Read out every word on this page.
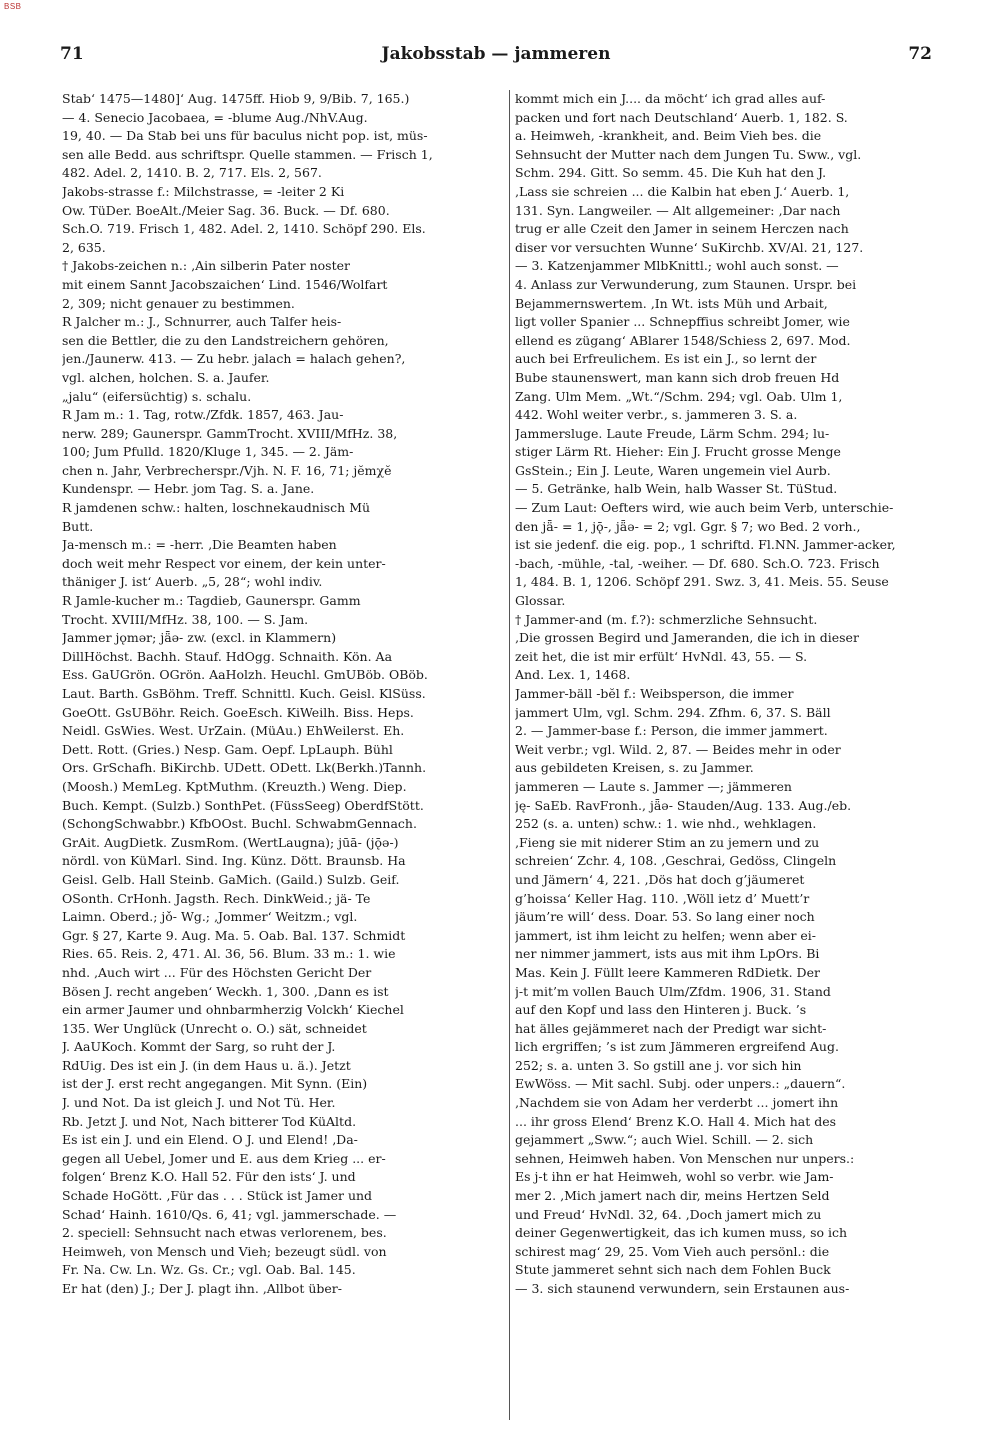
BSB
71	Jakobsstab — jammeren	72

Stab‘ 1475—1480]‘ Aug. 1475ff. Hiob 9, 9/Bib. 7, 165.)

— 4. Senecio Jacobaea, = -blume Aug./NhV.Aug.

19, 40. — Da Stab bei uns für baculus nicht pop. ist, müs-

sen alle Bedd. aus schriftspr. Quelle stammen. — Frisch 1,

482. Adel. 2, 1410. B. 2, 717. Els. 2, 567.

Jakobs-strasse f.: Milchstrasse, = -leiter 2 Ki

Ow. TüDer. BoeAlt./Meier Sag. 36. Buck. — Df. 680.

Sch.O. 719. Frisch 1, 482. Adel. 2, 1410. Schöpf 290. Els.

2, 635.

† Jakobs-zeichen n.: ‚Ain silberin Pater noster

mit einem Sannt Jacobszaichen‘ Lind. 1546/Wolfart

2, 309; nicht genauer zu bestimmen.

R Jalcher m.: J., Schnurrer, auch Talfer heis-

sen die Bettler, die zu den Landstreichern gehören,

jen./Jaunerw. 413. — Zu hebr. jalach = halach gehen?,

vgl. alchen, holchen. S. a. Jaufer.

„jalu“ (eifersüchtig) s. schalu.

R Jam m.: 1. Tag, rotw./Zfdk. 1857, 463. Jau-

nerw. 289; Gaunerspr. GammTrocht. XVIII/MfHz. 38,

100; Jum Pfulld. 1820/Kluge 1, 345. — 2. Jäm-

chen n. Jahr, Verbrecherspr./Vjh. N. F. 16, 71; jĕmχĕ

Kundenspr. — Hebr. jom Tag. S. a. Jane.

R jamdenen schw.: halten, loschnekaudnisch Mü

Butt.

Ja-mensch m.: = -herr. ‚Die Beamten haben

doch weit mehr Respect vor einem, der kein unter-

thäniger J. ist‘ Auerb. „5, 28“; wohl indiv.

R Jamle-kucher m.: Tagdieb, Gaunerspr. Gamm

Trocht. XVIII/MfHz. 38, 100. — S. Jam.

Jammer jǫmər; jǟə- zw. (excl. in Klammern)

DillHöchst. Bachh. Stauf. HdOgg. Schnaith. Kön. Aa

Ess. GaUGrön. OGrön. AaHolzh. Heuchl. GmUBöb. OBöb.

Laut. Barth. GsBöhm. Treff. Schnittl. Kuch. Geisl. KlSüss.

GoeOtt. GsUBöhr. Reich. GoeEsch. KiWeilh. Biss. Heps.

Neidl. GsWies. West. UrZain. (MüAu.) EhWeilerst. Eh.

Dett. Rott. (Gries.) Nesp. Gam. Oepf. LpLauph. Bühl

Ors. GrSchafh. BiKirchb. UDett. ODett. Lk(Berkh.)Tannh.

(Moosh.) MemLeg. KptMuthm. (Kreuzth.) Weng. Diep.

Buch. Kempt. (Sulzb.) SonthPet. (FüssSeeg) OberdfStött.

(SchongSchwabbr.) KfbOOst. Buchl. SchwabmGennach.

GrAit. AugDietk. ZusmRom. (WertLaugna); jūā- (jǭə-)

nördl. von KüMarl. Sind. Ing. Künz. Dött. Braunsb. Ha

Geisl. Gelb. Hall Steinb. GaMich. (Gaild.) Sulzb. Geif.

OSonth. CrHonh. Jagsth. Rech. DinkWeid.; jä- Te

Laimn. Oberd.; jǒ- Wg.; ‚Jommer‘ Weitzm.; vgl.

Ggr. § 27, Karte 9. Aug. Ma. 5. Oab. Bal. 137. Schmidt

Ries. 65. Reis. 2, 471. Al. 36, 56. Blum. 33 m.: 1. wie

nhd. ‚Auch wirt ... Für des Höchsten Gericht Der

Bösen J. recht angeben‘ Weckh. 1, 300. ‚Dann es ist

ein armer Jaumer und ohnbarmherzig Volckh‘ Kiechel

135. Wer Unglück (Unrecht o. O.) sät, schneidet

J. AaUKoch. Kommt der Sarg, so ruht der J.

RdUig. Des ist ein J. (in dem Haus u. ä.). Jetzt

ist der J. erst recht angegangen. Mit Synn. (Ein)

J. und Not. Da ist gleich J. und Not Tü. Her.

Rb. Jetzt J. und Not, Nach bitterer Tod KüAltd.

Es ist ein J. und ein Elend. O J. und Elend! ‚Da-

gegen all Uebel, Jomer und E. aus dem Krieg ... er-

folgen‘ Brenz K.O. Hall 52. Für den ists‘ J. und

Schade HoGött. ‚Für das . . . Stück ist Jamer und

Schad‘ Hainh. 1610/Qs. 6, 41; vgl. jammerschade. —

2. speciell: Sehnsucht nach etwas verlorenem, bes.

Heimweh, von Mensch und Vieh; bezeugt südl. von

Fr. Na. Cw. Ln. Wz. Gs. Cr.; vgl. Oab. Bal. 145.

Er hat (den) J.; Der J. plagt ihn. ‚Allbot über-

kommt mich ein J.... da möcht‘ ich grad alles auf-

packen und fort nach Deutschland‘ Auerb. 1, 182. S.

a. Heimweh, -krankheit, and. Beim Vieh bes. die

Sehnsucht der Mutter nach dem Jungen Tu. Sww., vgl.

Schm. 294. Gitt. So semm. 45. Die Kuh hat den J.

‚Lass sie schreien ... die Kalbin hat eben J.‘ Auerb. 1,

131. Syn. Langweiler. — Alt allgemeiner: ‚Dar nach

trug er alle Czeit den Jamer in seinem Herczen nach

diser vor versuchten Wunne‘ SuKirchb. XV/Al. 21, 127.

— 3. Katzenjammer MlbKnittl.; wohl auch sonst. —

4. Anlass zur Verwunderung, zum Staunen. Urspr. bei

Bejammernswertem. ‚In Wt. ists Müh und Arbait,

ligt voller Spanier ... Schnepffius schreibt Jomer, wie

ellend es zügang‘ ABlarer 1548/Schiess 2, 697. Mod.

auch bei Erfreulichem. Es ist ein J., so lernt der

Bube staunenswert, man kann sich drob freuen Hd

Zang. Ulm Mem. „Wt.“/Schm. 294; vgl. Oab. Ulm 1,

442. Wohl weiter verbr., s. jammeren 3. S. a.

Jammersluge. Laute Freude, Lärm Schm. 294; lu-

stiger Lärm Rt. Hieher: Ein J. Frucht grosse Menge

GsStein.; Ein J. Leute, Waren ungemein viel Aurb.

— 5. Getränke, halb Wein, halb Wasser St. TüStud.

— Zum Laut: Oefters wird, wie auch beim Verb, unterschie-

den jǟ- = 1, jǭ-, jǟə- = 2; vgl. Ggr. § 7; wo Bed. 2 vorh.,

ist sie jedenf. die eig. pop., 1 schriftd. Fl.NN. Jammer-acker,

-bach, -mühle, -tal, -weiher. — Df. 680. Sch.O. 723. Frisch

1, 484. B. 1, 1206. Schöpf 291. Swz. 3, 41. Meis. 55. Seuse

Glossar.

† Jammer-and (m. f.?): schmerzliche Sehnsucht.

‚Die grossen Begird und Jameranden, die ich in dieser

zeit het, die ist mir erfült‘ HvNdl. 43, 55. — S.

And. Lex. 1, 1468.

Jammer-bäll -bĕl f.: Weibsperson, die immer

jammert Ulm, vgl. Schm. 294. Zfhm. 6, 37. S. Bäll

2. — Jammer-base f.: Person, die immer jammert.

Weit verbr.; vgl. Wild. 2, 87. — Beides mehr in oder

aus gebildeten Kreisen, s. zu Jammer.

jammeren — Laute s. Jammer —; jämmeren

ję- SaEb. RavFronh., jǟə- Stauden/Aug. 133. Aug./eb.

252 (s. a. unten) schw.: 1. wie nhd., wehklagen.

‚Fieng sie mit niderer Stim an zu jemern und zu

schreien‘ Zchr. 4, 108. ‚Geschrai, Gedöss, Clingeln

und Jämern‘ 4, 221. ‚Dös hat doch g’jäumeret

g’hoissa‘ Keller Hag. 110. ‚Wöll ietz d’ Muett’r

jäum’re will‘ dess. Doar. 53. So lang einer noch

jammert, ist ihm leicht zu helfen; wenn aber ei-

ner nimmer jammert, ists aus mit ihm LpOrs. Bi

Mas. Kein J. Füllt leere Kammeren RdDietk. Der

j-t mit’m vollen Bauch Ulm/Zfdm. 1906, 31. Stand

auf den Kopf und lass den Hinteren j. Buck. ’s

hat älles gejämmeret nach der Predigt war sicht-

lich ergriffen; ’s ist zum Jämmeren ergreifend Aug.

252; s. a. unten 3. So gstill ane j. vor sich hin

EwWöss. — Mit sachl. Subj. oder unpers.: „dauern“.

‚Nachdem sie von Adam her verderbt ... jomert ihn

... ihr gross Elend‘ Brenz K.O. Hall 4. Mich hat des

gejammert „Sww.“; auch Wiel. Schill. — 2. sich

sehnen, Heimweh haben. Von Menschen nur unpers.:

Es j-t ihn er hat Heimweh, wohl so verbr. wie Jam-

mer 2. ‚Mich jamert nach dir, meins Hertzen Seld

und Freud‘ HvNdl. 32, 64. ‚Doch jamert mich zu

deiner Gegenwertigkeit, das ich kumen muss, so ich

schirest mag‘ 29, 25. Vom Vieh auch persönl.: die

Stute jammeret sehnt sich nach dem Fohlen Buck

— 3. sich staunend verwundern, sein Erstaunen aus-
